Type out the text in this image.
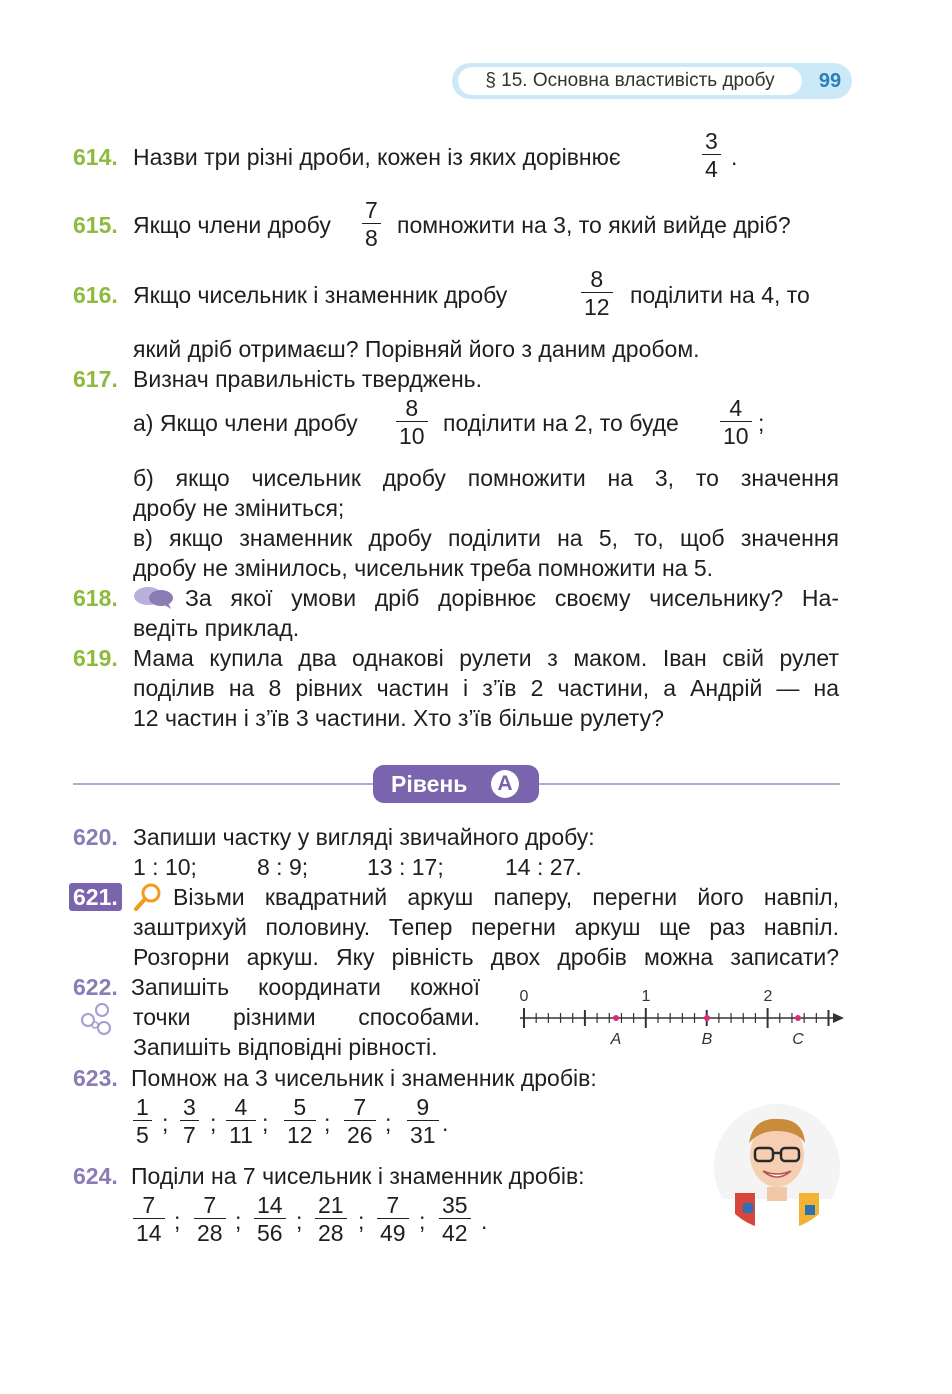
§ 15. Основна властивість дробу	99
614. Назви три різні дроби, кожен із яких дорівнює
3
4 .
615. Якщо члени дробу
7
8 помножити на 3, то який вийде дріб?
616. Якщо чисельник і знаменник дробу
8
12 поділити на 4, то
який дріб отримаєш? Порівняй його з даним дробом.
617. Визнач правильність тверджень.
а) Якщо члени дробу
8
10 поділити на 2, то буде
4
10 ;
б) якщо чисельник дробу помножити на 3, то значення
дробу не зміниться;
в) якщо знаменник дробу поділити на 5, то, щоб значення
дробу не змінилось, чисельник треба помножити на 5.
618.	За якої умови дріб дорівнює своєму чисельнику? На-
ведіть приклад.
619. Мама купила два однакові рулети з маком. Іван свій рулет
поділив на 8 рівних частин і з’їв 2 частини, а Андрій — на
12 частин і з’їв 3 частини. Хто з’їв більше рулету?
Рівень	А
620. Запиши частку у вигляді звичайного дробу:
1 : 10;	8 : 9;	13 : 17;	14 : 27.
621. Візьми квадратний аркуш паперу, перегни його навпіл,
заштрихуй половину. Тепер перегни аркуш ще раз навпіл.
Розгорни аркуш. Яку рівність двох дробів можна записати?
622. Запишіть координати кожної
точки різними способами.
Запишіть відповідні рівності.
0	1	2
A	B	C
623. Помнож на 3 чисельник і знаменник дробів:
1
5
3
7
4
11
5
12
7
26
9
31
; ; ; ; ; .
624. Поділи на 7 чисельник і знаменник дробів:
7
14
7
28
14
56
21
28
7
49
35
42
; ; ; ; ; .
